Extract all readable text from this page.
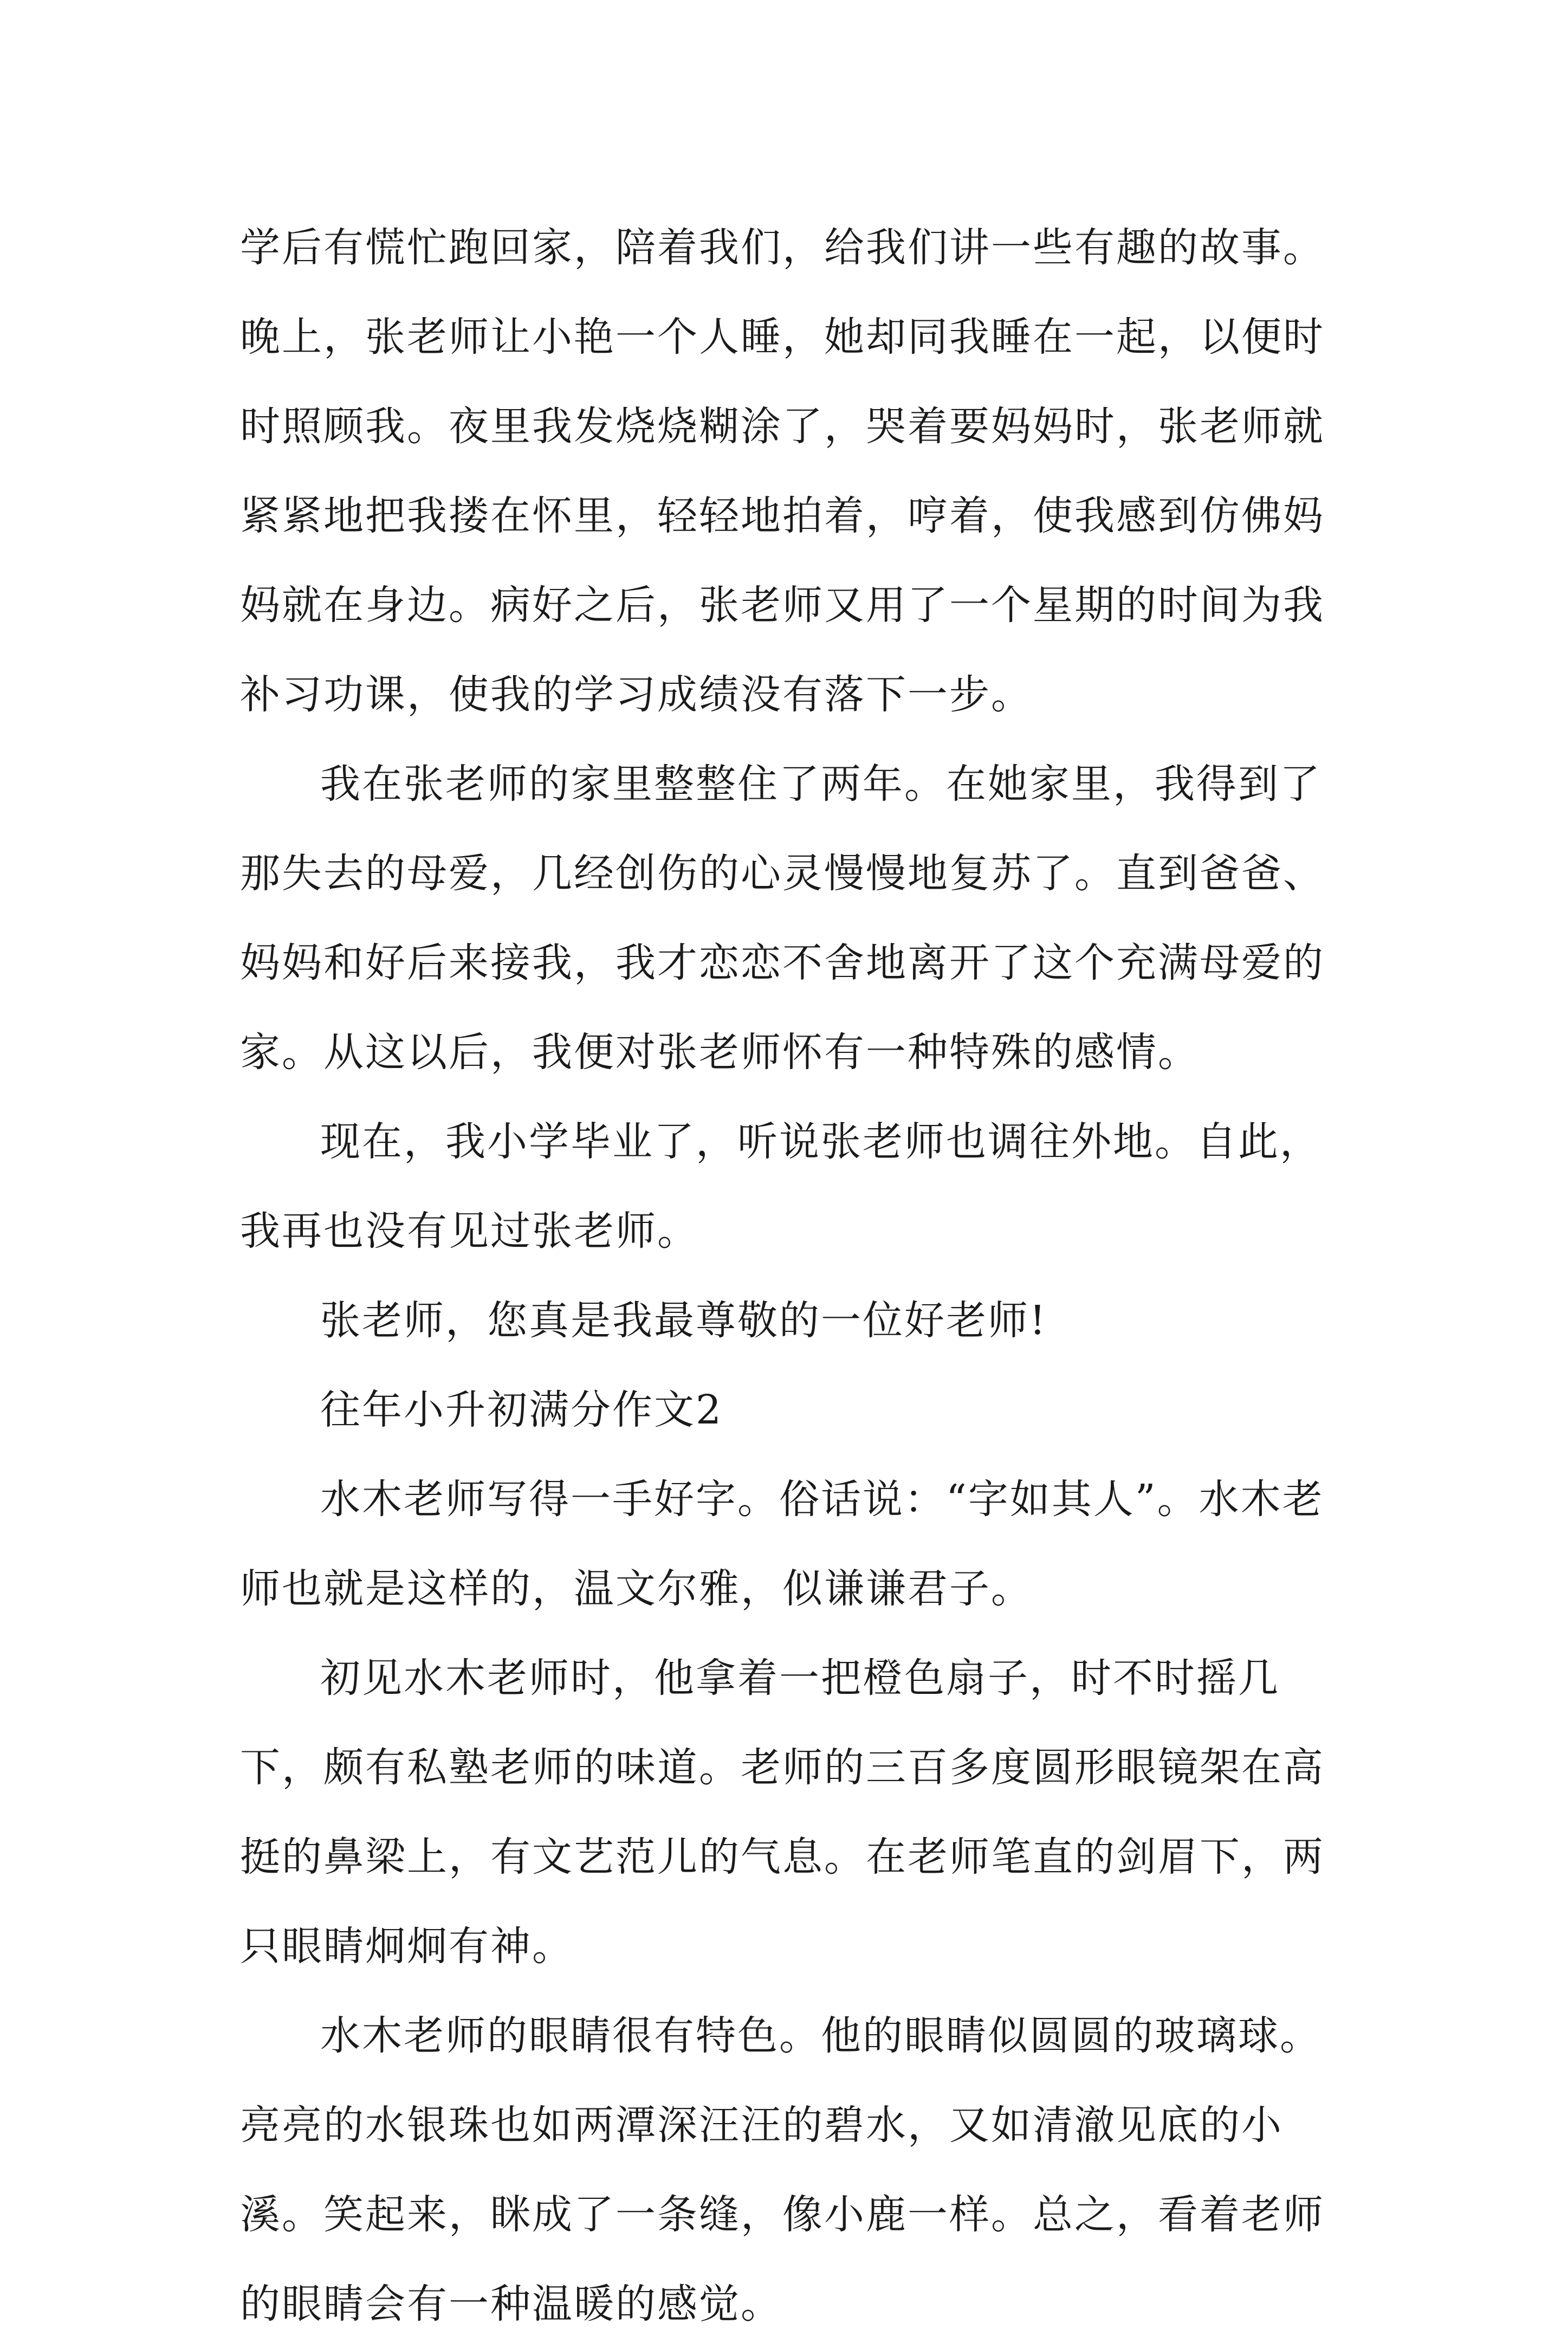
学后有慌忙跑回家，陪着我们，给我们讲一些有趣的故事。晚上，张老师让小艳一个人睡，她却同我睡在一起，以便时时照顾我。夜里我发烧烧糊涂了，哭着要妈妈时，张老师就紧紧地把我搂在怀里，轻轻地拍着，哼着，使我感到仿佛妈妈就在身边。病好之后，张老师又用了一个星期的时间为我补习功课，使我的学习成绩没有落下一步。

我在张老师的家里整整住了两年。在她家里，我得到了那失去的母爱，几经创伤的心灵慢慢地复苏了。直到爸爸、妈妈和好后来接我，我才恋恋不舍地离开了这个充满母爱的家。从这以后，我便对张老师怀有一种特殊的感情。

现在，我小学毕业了，听说张老师也调往外地。自此，我再也没有见过张老师。

张老师，您真是我最尊敬的一位好老师!

往年小升初满分作文2

水木老师写得一手好字。俗话说：“字如其人”。水木老师也就是这样的，温文尔雅，似谦谦君子。

初见水木老师时，他拿着一把橙色扇子，时不时摇几下，颇有私塾老师的味道。老师的三百多度圆形眼镜架在高挺的鼻梁上，有文艺范儿的气息。在老师笔直的剑眉下，两只眼睛炯炯有神。

水木老师的眼睛很有特色。他的眼睛似圆圆的玻璃球。亮亮的水银珠也如两潭深汪汪的碧水，又如清澈见底的小溪。笑起来，眯成了一条缝，像小鹿一样。总之，看着老师的眼睛会有一种温暖的感觉。
